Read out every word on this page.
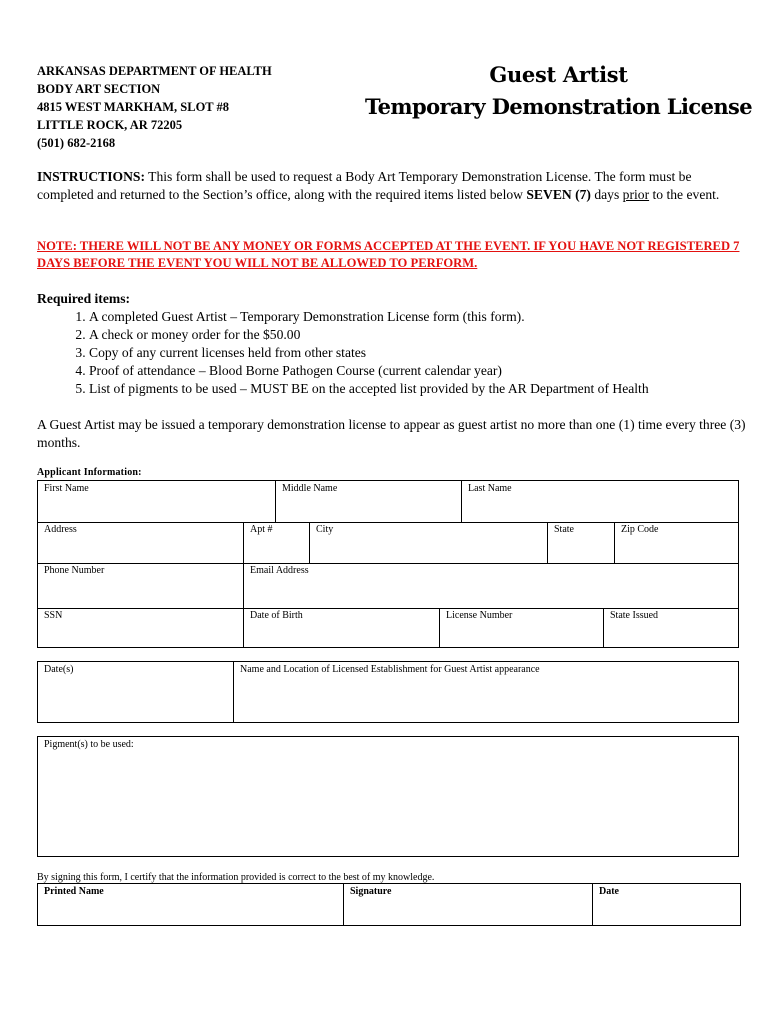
ARKANSAS DEPARTMENT OF HEALTH
BODY ART SECTION
4815 WEST MARKHAM, SLOT #8
LITTLE ROCK, AR 72205
(501) 682-2168
Guest Artist
Temporary Demonstration License
INSTRUCTIONS: This form shall be used to request a Body Art Temporary Demonstration License. The form must be completed and returned to the Section’s office, along with the required items listed below SEVEN (7) days prior to the event.
NOTE: THERE WILL NOT BE ANY MONEY OR FORMS ACCEPTED AT THE EVENT. IF YOU HAVE NOT REGISTERED 7 DAYS BEFORE THE EVENT YOU WILL NOT BE ALLOWED TO PERFORM.
Required items:
1. A completed Guest Artist – Temporary Demonstration License form (this form).
2. A check or money order for the $50.00
3. Copy of any current licenses held from other states
4. Proof of attendance – Blood Borne Pathogen Course (current calendar year)
5. List of pigments to be used – MUST BE on the accepted list provided by the AR Department of Health
A Guest Artist may be issued a temporary demonstration license to appear as guest artist no more than one (1) time every three (3) months.
Applicant Information:
First Name	Middle Name	Last Name
Address	Apt #	City	State	Zip Code
Phone Number	Email Address
SSN	Date of Birth	License Number	State Issued
Date(s)	Name and Location of Licensed Establishment for Guest Artist appearance
Pigment(s) to be used:
By signing this form, I certify that the information provided is correct to the best of my knowledge.
Printed Name	Signature	Date
